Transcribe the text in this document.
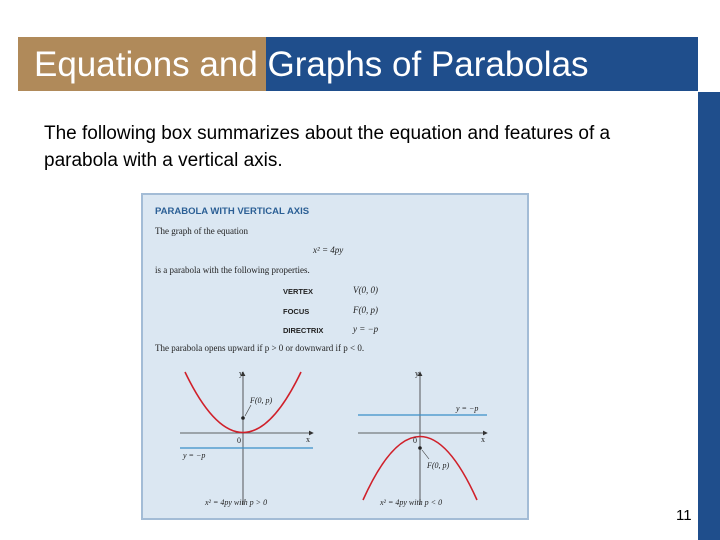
Equations and Graphs of Parabolas
The following box summarizes about the equation and features of a parabola with a vertical axis.
PARABOLA WITH VERTICAL AXIS
The graph of the equation
x² = 4py
is a parabola with the following properties.
VERTEX	V(0, 0)
FOCUS	F(0, p)
DIRECTRIX	y = −p
The parabola opens upward if p > 0 or downward if p < 0.
y
x
0
F(0, p)
y = −p
x² = 4py with p > 0
y
x
0
F(0, p)
y = −p
x² = 4py with p < 0
11
